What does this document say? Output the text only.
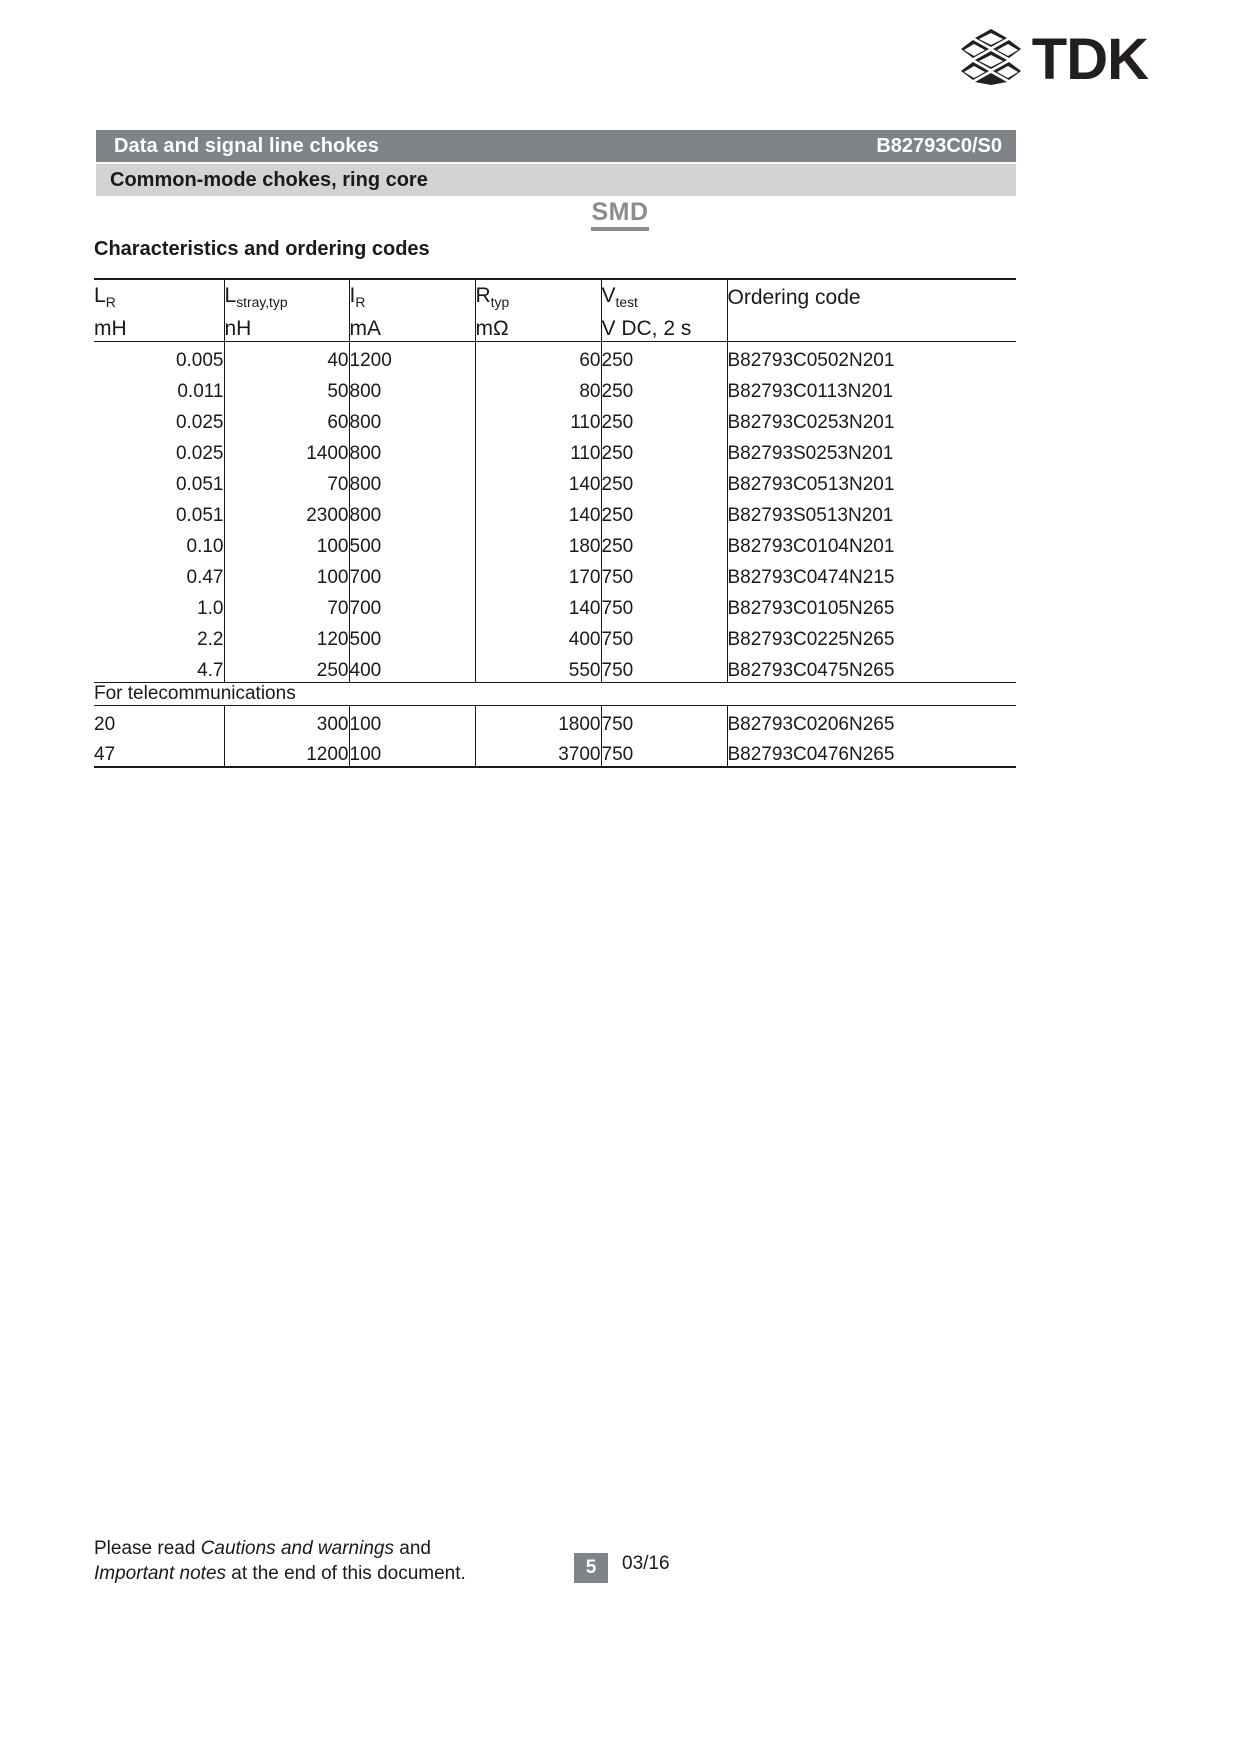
TDK
Data and signal line chokes	B82793C0/S0
Common-mode chokes, ring core
SMD
Characteristics and ordering codes
$L_R$	$L_{stray,typ}$	$I_R$	$R_{typ}$	$V_{test}$	Ordering code
mH	nH	mA	mΩ	V DC, 2 s	
0.005	40	1200	60	250	B82793C0502N201
0.011	50	800	80	250	B82793C0113N201
0.025	60	800	110	250	B82793C0253N201
0.025	1400	800	110	250	B82793S0253N201
0.051	70	800	140	250	B82793C0513N201
0.051	2300	800	140	250	B82793S0513N201
0.10	100	500	180	250	B82793C0104N201
0.47	100	700	170	750	B82793C0474N215
1.0	70	700	140	750	B82793C0105N265
2.2	120	500	400	750	B82793C0225N265
4.7	250	400	550	750	B82793C0475N265
For telecommunications					
20	300	100	1800	750	B82793C0206N265
47	1200	100	3700	750	B82793C0476N265
Please read Cautions and warnings and
Important notes at the end of this document.	5	03/16
